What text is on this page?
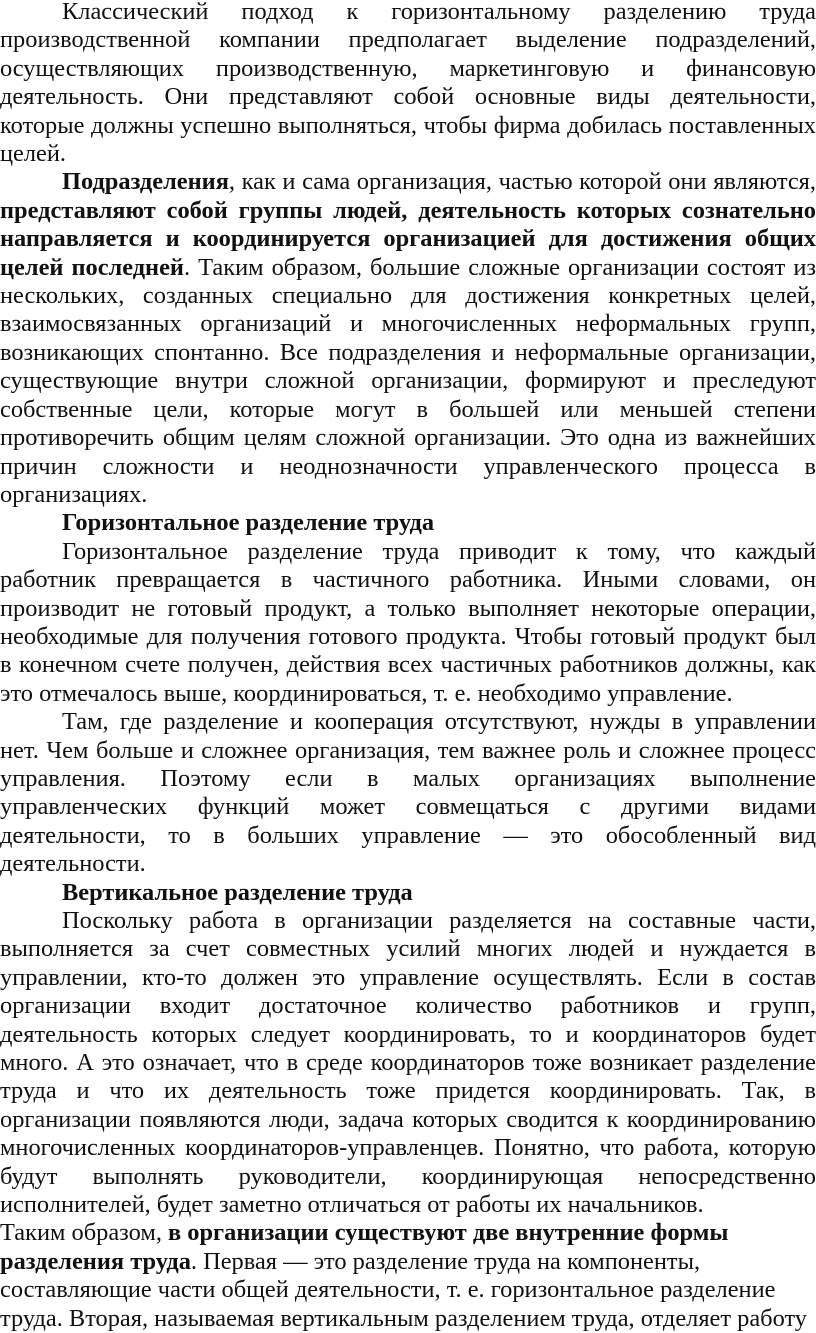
Классический подход к горизонтальному разделению труда производственной компании предполагает выделение подразделений, осуществляющих производственную, маркетинговую и финансовую деятельность. Они представляют собой основные виды деятельности, которые должны успешно выполняться, чтобы фирма добилась поставленных целей.

Подразделения, как и сама организация, частью которой они являются, представляют собой группы людей, деятельность которых сознательно направляется и координируется организацией для достижения общих целей последней. Таким образом, большие сложные организации состоят из нескольких, созданных специально для достижения конкретных целей, взаимосвязанных организаций и многочисленных неформальных групп, возникающих спонтанно. Все подразделения и неформальные организации, существующие внутри сложной организации, формируют и преследуют собственные цели, которые могут в большей или меньшей степени противоречить общим целям сложной организации. Это одна из важнейших причин сложности и неоднозначности управленческого процесса в организациях.

Горизонтальное разделение труда

Горизонтальное разделение труда приводит к тому, что каждый работник превращается в частичного работника. Иными словами, он производит не готовый продукт, а только выполняет некоторые операции, необходимые для получения готового продукта. Чтобы готовый продукт был в конечном счете получен, действия всех частичных работников должны, как это отмечалось выше, координироваться, т. е. необходимо управление.

Там, где разделение и кооперация отсутствуют, нужды в управлении нет. Чем больше и сложнее организация, тем важнее роль и сложнее процесс управления. Поэтому если в малых организациях выполнение управленческих функций может совмещаться с другими видами деятельности, то в больших управление — это обособленный вид деятельности.

Вертикальное разделение труда

Поскольку работа в организации разделяется на составные части, выполняется за счет совместных усилий многих людей и нуждается в управлении, кто-то должен это управление осуществлять. Если в состав организации входит достаточное количество работников и групп, деятельность которых следует координировать, то и координаторов будет много. А это означает, что в среде координаторов тоже возникает разделение труда и что их деятельность тоже придется координировать. Так, в организации появляются люди, задача которых сводится к координированию многочисленных координаторов-управленцев. Понятно, что работа, которую будут выполнять руководители, координирующая непосредственно исполнителей, будет заметно отличаться от работы их начальников.

Таким образом, в организации существуют две внутренние формы разделения труда. Первая — это разделение труда на компоненты, составляющие части общей деятельности, т. е. горизонтальное разделение труда. Вторая, называемая вертикальным разделением труда, отделяет работу
